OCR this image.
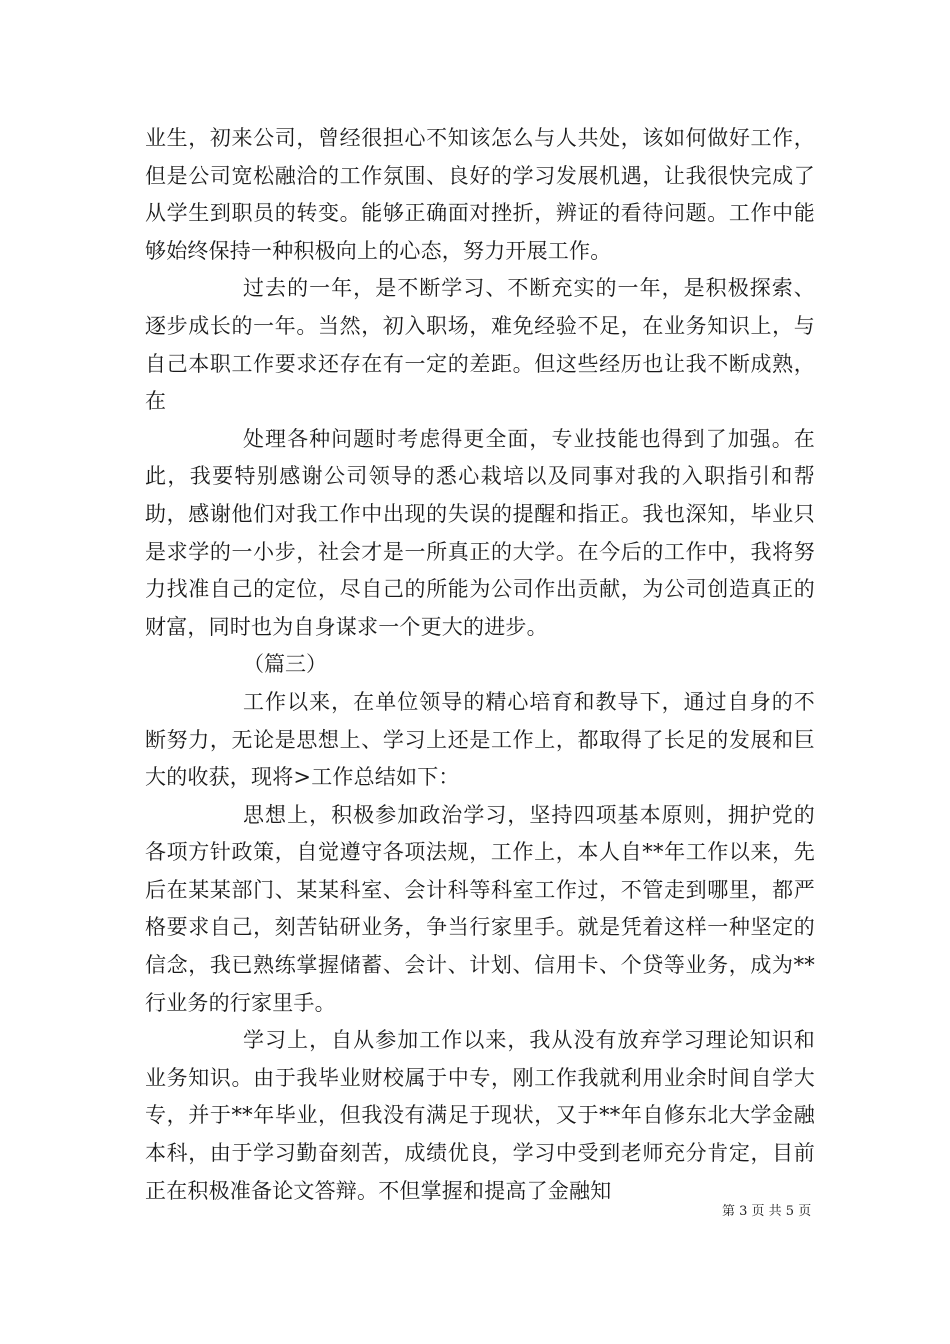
业生，初来公司，曾经很担心不知该怎么与人共处，该如何做好工作，但是公司宽松融洽的工作氛围、良好的学习发展机遇，让我很快完成了从学生到职员的转变。能够正确面对挫折，辨证的看待问题。工作中能够始终保持一种积极向上的心态，努力开展工作。

过去的一年，是不断学习、不断充实的一年，是积极探索、逐步成长的一年。当然，初入职场，难免经验不足，在业务知识上，与自己本职工作要求还存在有一定的差距。但这些经历也让我不断成熟，在

处理各种问题时考虑得更全面，专业技能也得到了加强。在此，我要特别感谢公司领导的悉心栽培以及同事对我的入职指引和帮助，感谢他们对我工作中出现的失误的提醒和指正。我也深知，毕业只是求学的一小步，社会才是一所真正的大学。在今后的工作中，我将努力找准自己的定位，尽自己的所能为公司作出贡献，为公司创造真正的财富，同时也为自身谋求一个更大的进步。

（篇三）

工作以来，在单位领导的精心培育和教导下，通过自身的不断努力，无论是思想上、学习上还是工作上，都取得了长足的发展和巨大的收获，现将>工作总结如下：

思想上，积极参加政治学习，坚持四项基本原则，拥护党的各项方针政策，自觉遵守各项法规，工作上，本人自**年工作以来，先后在某某部门、某某科室、会计科等科室工作过，不管走到哪里，都严格要求自己，刻苦钻研业务，争当行家里手。就是凭着这样一种坚定的信念，我已熟练掌握储蓄、会计、计划、信用卡、个贷等业务，成为**行业务的行家里手。

学习上，自从参加工作以来，我从没有放弃学习理论知识和业务知识。由于我毕业财校属于中专，刚工作我就利用业余时间自学大专，并于**年毕业，但我没有满足于现状，又于**年自修东北大学金融本科，由于学习勤奋刻苦，成绩优良，学习中受到老师充分肯定，目前正在积极准备论文答辩。不但掌握和提高了金融知

第 3 页 共 5 页
